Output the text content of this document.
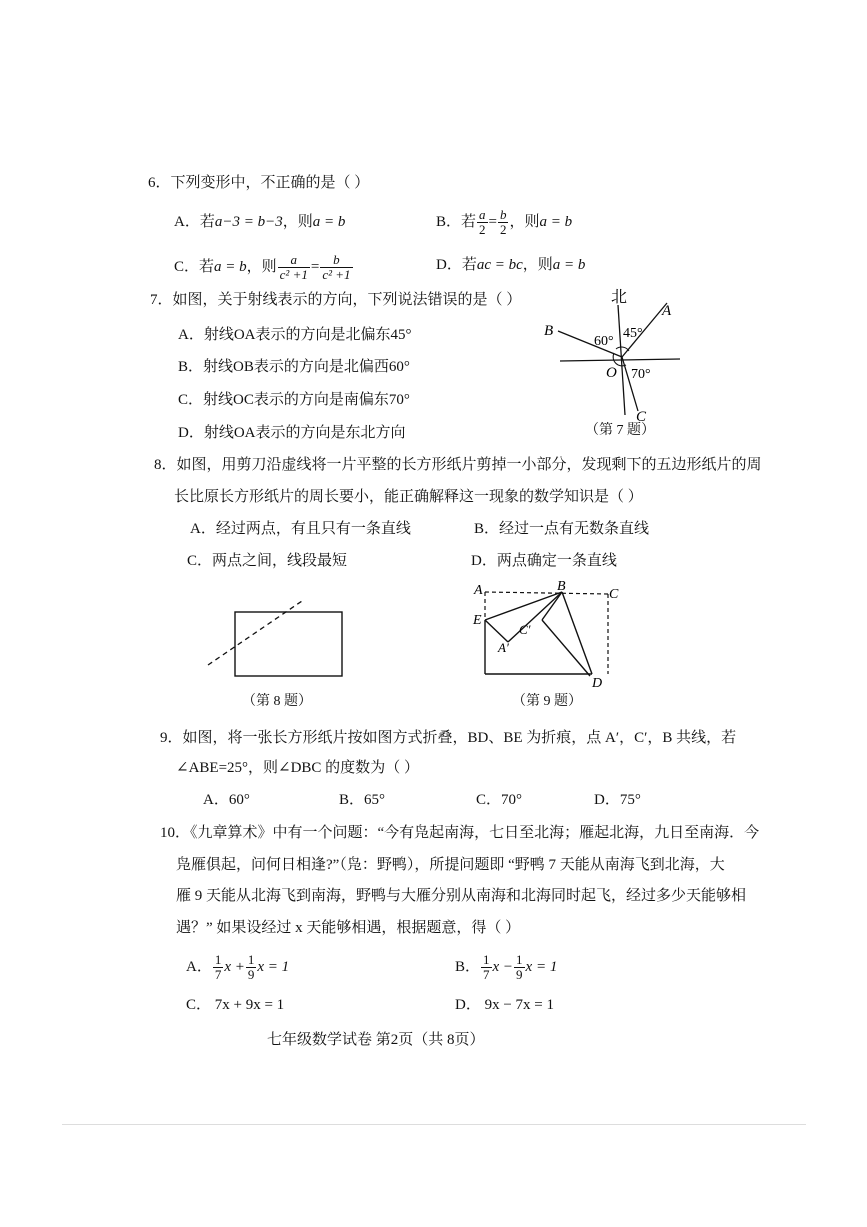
6．下列变形中，不正确的是（ ）
A．若a−3 = b−3，则a = b	B．若 $\frac{a}{2} = \frac{b}{2}$ ，则a = b
C．若a = b，则 $\frac{a}{\text{c² +1}} = \frac{b}{\text{c² +1}}$	D．若ac = bc，则a = b
7．如图，关于射线表示的方向，下列说法错误的是（ ）
A．射线OA表示的方向是北偏东45°
B．射线OB表示的方向是北偏西60°
C．射线OC表示的方向是南偏东70°
D．射线OA表示的方向是东北方向
北
A
B
C
O
60°
45°
70°
（第 7 题）
8．如图，用剪刀沿虚线将一片平整的长方形纸片剪掉一小部分，发现剩下的五边形纸片的周
长比原长方形纸片的周长要小，能正确解释这一现象的数学知识是（ ）
A．经过两点，有且只有一条直线	B．经过一点有无数条直线
C．两点之间，线段最短	D．两点确定一条直线
（第 8 题）
A	B
C
D
E
A′
C′
（第 9 题）
9．如图，将一张长方形纸片按如图方式折叠，BD、BE 为折痕，点 A′，C′，B 共线，若
∠ABE=25°，则∠DBC 的度数为（ ）
A．60°	B．65°	C．70°	D．75°
10．《九章算术》中有一个问题：“今有凫起南海，七日至北海；雁起北海，九日至南海．今
凫雁俱起，问何日相逢?”（凫：野鸭），所提问题即 “野鸭 7 天能从南海飞到北海，大
雁 9 天能从北海飞到南海，野鸭与大雁分别从南海和北海同时起飞，经过多少天能够相
遇？” 如果设经过 x 天能够相遇，根据题意，得（ ）
A． $\frac{1}{7}$ $x + \frac{1}{9}$ x = 1	B． $\frac{1}{7}$ $x - \frac{1}{9}$ x = 1
C． 7x + 9x = 1	D． 9x − 7x = 1
七年级数学试卷 第2页（共 8页）
